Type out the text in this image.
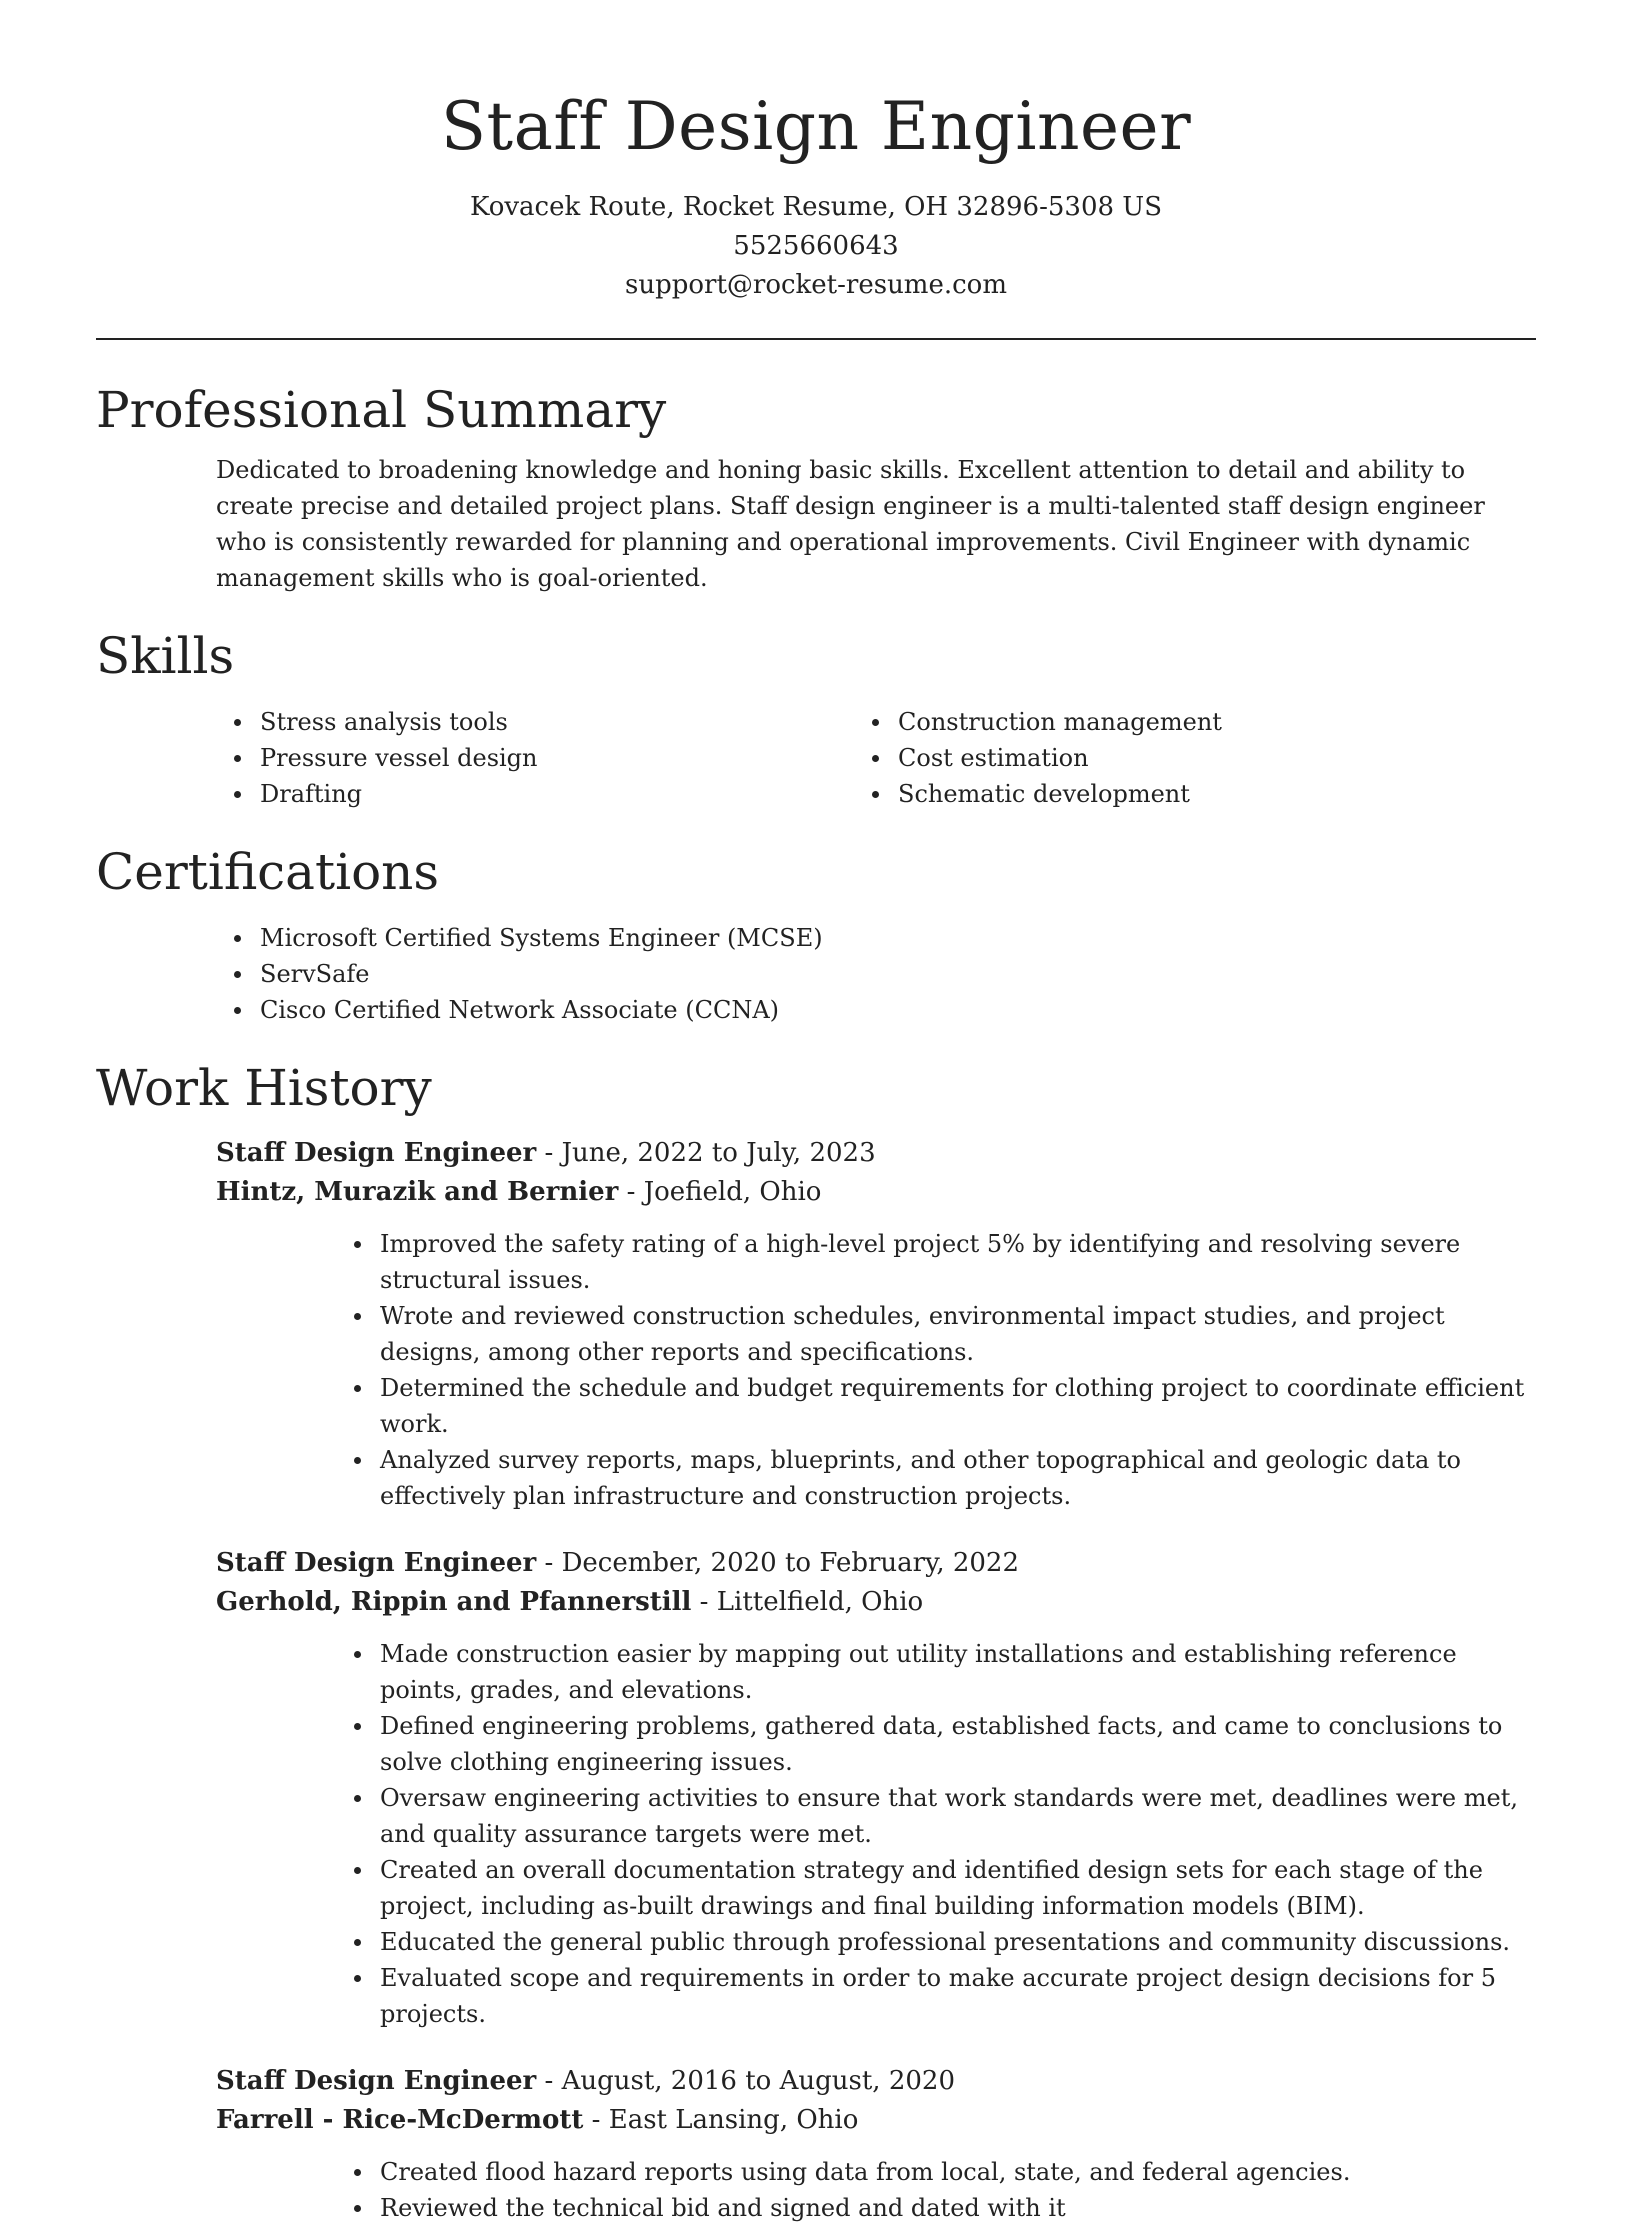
Staff Design Engineer
Kovacek Route, Rocket Resume, OH 32896-5308 US
5525660643
support@rocket-resume.com
Professional Summary

Dedicated to broadening knowledge and honing basic skills. Excellent attention to detail and ability to create precise and detailed project plans. Staff design engineer is a multi-talented staff design engineer who is consistently rewarded for planning and operational improvements. Civil Engineer with dynamic management skills who is goal-oriented.

Skills
Stress analysis tools
Pressure vessel design
Drafting
Construction management
Cost estimation
Schematic development
Certifications
Microsoft Certified Systems Engineer (MCSE)
ServSafe
Cisco Certified Network Associate (CCNA)
Work History
Staff Design Engineer - June, 2022 to July, 2023
Hintz, Murazik and Bernier - Joefield, Ohio
Improved the safety rating of a high-level project 5% by identifying and resolving severe structural issues.
Wrote and reviewed construction schedules, environmental impact studies, and project designs, among other reports and specifications.
Determined the schedule and budget requirements for clothing project to coordinate efficient work.
Analyzed survey reports, maps, blueprints, and other topographical and geologic data to effectively plan infrastructure and construction projects.
Staff Design Engineer - December, 2020 to February, 2022
Gerhold, Rippin and Pfannerstill - Littelfield, Ohio
Made construction easier by mapping out utility installations and establishing reference points, grades, and elevations.
Defined engineering problems, gathered data, established facts, and came to conclusions to solve clothing engineering issues.
Oversaw engineering activities to ensure that work standards were met, deadlines were met, and quality assurance targets were met.
Created an overall documentation strategy and identified design sets for each stage of the project, including as-built drawings and final building information models (BIM).
Educated the general public through professional presentations and community discussions.
Evaluated scope and requirements in order to make accurate project design decisions for 5 projects.
Staff Design Engineer - August, 2016 to August, 2020
Farrell - Rice-McDermott - East Lansing, Ohio
Created flood hazard reports using data from local, state, and federal agencies.
Reviewed the technical bid and signed and dated with it
